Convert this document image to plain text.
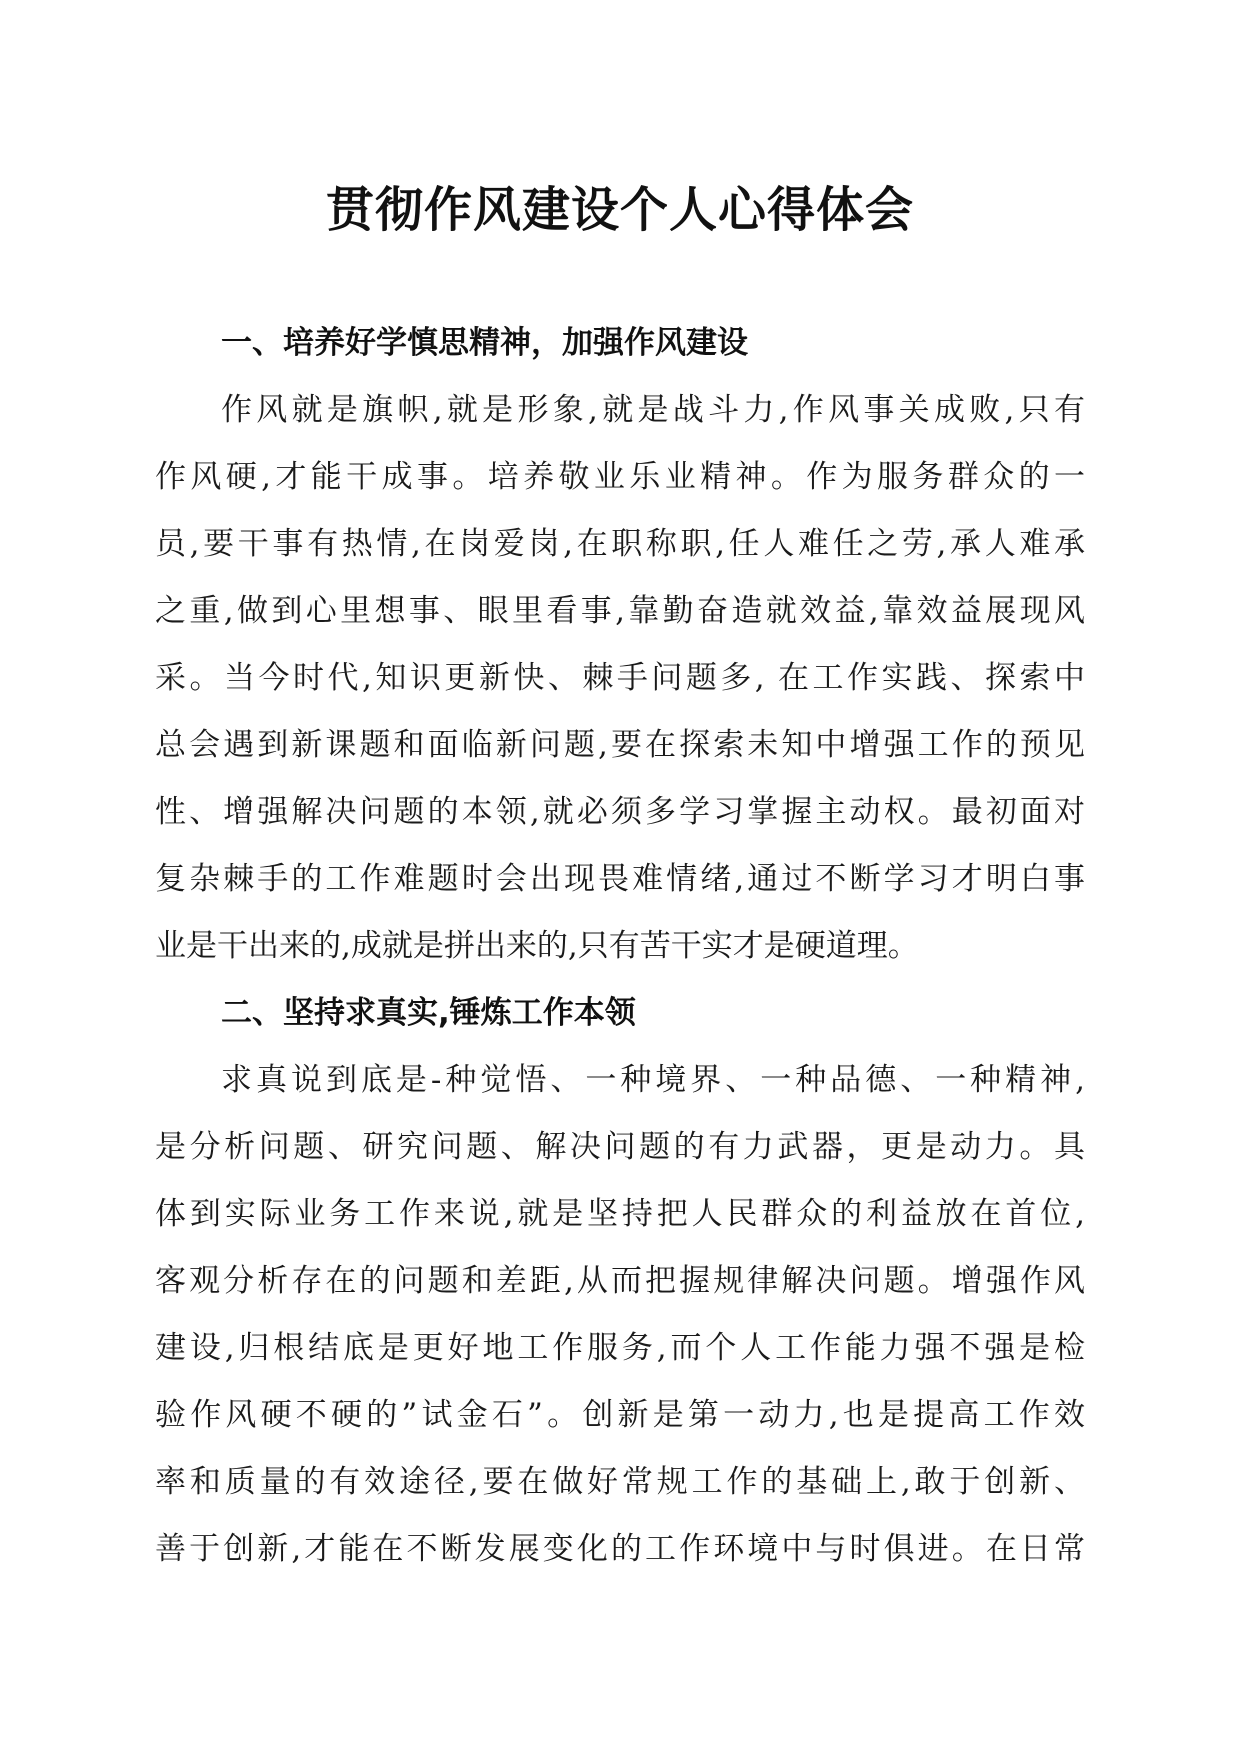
贯彻作风建设个人心得体会
一、培养好学慎思精神，加强作风建设
作风就是旗帜,就是形象,就是战斗力,作风事关成败,只有
作风硬,才能干成事。培养敬业乐业精神。作为服务群众的一
员,要干事有热情,在岗爱岗,在职称职,任人难任之劳,承人难承
之重,做到心里想事、眼里看事,靠勤奋造就效益,靠效益展现风
采。当今时代,知识更新快、棘手问题多, 在工作实践、探索中
总会遇到新课题和面临新问题,要在探索未知中增强工作的预见
性、增强解决问题的本领,就必须多学习掌握主动权。最初面对
复杂棘手的工作难题时会出现畏难情绪,通过不断学习才明白事
业是干出来的,成就是拼出来的,只有苦干实才是硬道理。
二、坚持求真实,锤炼工作本领
求真说到底是-种觉悟、一种境界、一种品德、一种精神,
是分析问题、研究问题、解决问题的有力武器，更是动力。具
体到实际业务工作来说,就是坚持把人民群众的利益放在首位,
客观分析存在的问题和差距,从而把握规律解决问题。增强作风
建设,归根结底是更好地工作服务,而个人工作能力强不强是检
验作风硬不硬的”试金石”。创新是第一动力,也是提高工作效
率和质量的有效途径,要在做好常规工作的基础上,敢于创新、
善于创新,才能在不断发展变化的工作环境中与时俱进。在日常
